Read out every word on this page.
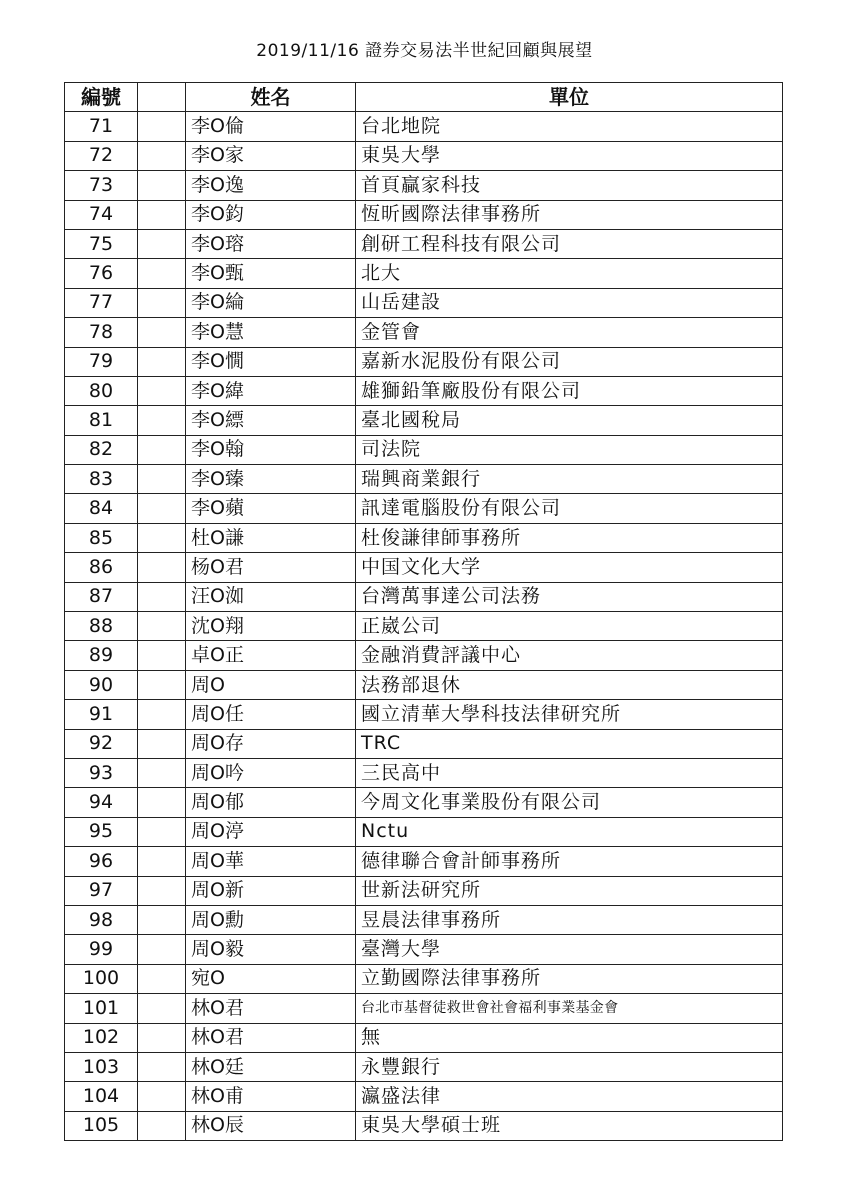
2019/11/16 證券交易法半世紀回顧與展望
編號		姓名	單位
71		李O倫	台北地院
72		李O家	東吳大學
73		李O逸	首頁贏家科技
74		李O鈞	恆昕國際法律事務所
75		李O瑢	創研工程科技有限公司
76		李O甄	北大
77		李O綸	山岳建設
78		李O慧	金管會
79		李O憪	嘉新水泥股份有限公司
80		李O緯	雄獅鉛筆廠股份有限公司
81		李O縹	臺北國稅局
82		李O翰	司法院
83		李O臻	瑞興商業銀行
84		李O蘋	訊達電腦股份有限公司
85		杜O謙	杜俊謙律師事務所
86		杨O君	中国文化大学
87		汪O洳	台灣萬事達公司法務
88		沈O翔	正崴公司
89		卓O正	金融消費評議中心
90		周O	法務部退休
91		周O任	國立清華大學科技法律研究所
92		周O存	TRC
93		周O吟	三民高中
94		周O郁	今周文化事業股份有限公司
95		周O渟	Nctu
96		周O華	德律聯合會計師事務所
97		周O新	世新法研究所
98		周O勳	昱晨法律事務所
99		周O毅	臺灣大學
100		宛O	立勤國際法律事務所
101		林O君	台北市基督徒救世會社會福利事業基金會
102		林O君	無
103		林O廷	永豐銀行
104		林O甫	瀛盛法律
105		林O辰	東吳大學碩士班
